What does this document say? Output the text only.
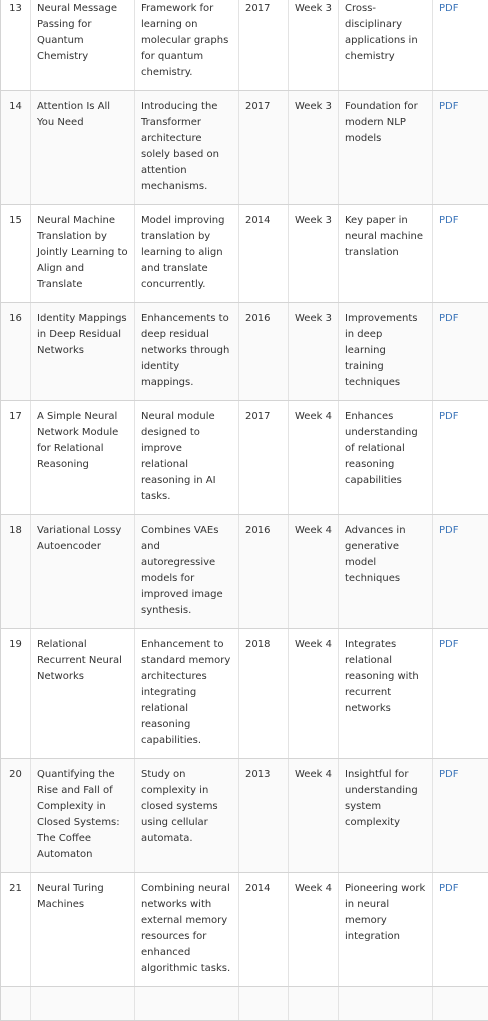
13	Neural Message Passing for Quantum Chemistry	Framework for learning on molecular graphs for quantum chemistry.	2017	Week 3	Cross-disciplinary applications in chemistry	PDF
14	Attention Is All You Need	Introducing the Transformer architecture solely based on attention mechanisms.	2017	Week 3	Foundation for modern NLP models	PDF
15	Neural Machine Translation by Jointly Learning to Align and Translate	Model improving translation by learning to align and translate concurrently.	2014	Week 3	Key paper in neural machine translation	PDF
16	Identity Mappings in Deep Residual Networks	Enhancements to deep residual networks through identity mappings.	2016	Week 3	Improvements in deep learning training techniques	PDF
17	A Simple Neural Network Module for Relational Reasoning	Neural module designed to improve relational reasoning in AI tasks.	2017	Week 4	Enhances understanding of relational reasoning capabilities	PDF
18	Variational Lossy Autoencoder	Combines VAEs and autoregressive models for improved image synthesis.	2016	Week 4	Advances in generative model techniques	PDF
19	Relational Recurrent Neural Networks	Enhancement to standard memory architectures integrating relational reasoning capabilities.	2018	Week 4	Integrates relational reasoning with recurrent networks	PDF
20	Quantifying the Rise and Fall of Complexity in Closed Systems: The Coffee Automaton	Study on complexity in closed systems using cellular automata.	2013	Week 4	Insightful for understanding system complexity	PDF
21	Neural Turing Machines	Combining neural networks with external memory resources for enhanced algorithmic tasks.	2014	Week 4	Pioneering work in neural memory integration	PDF
